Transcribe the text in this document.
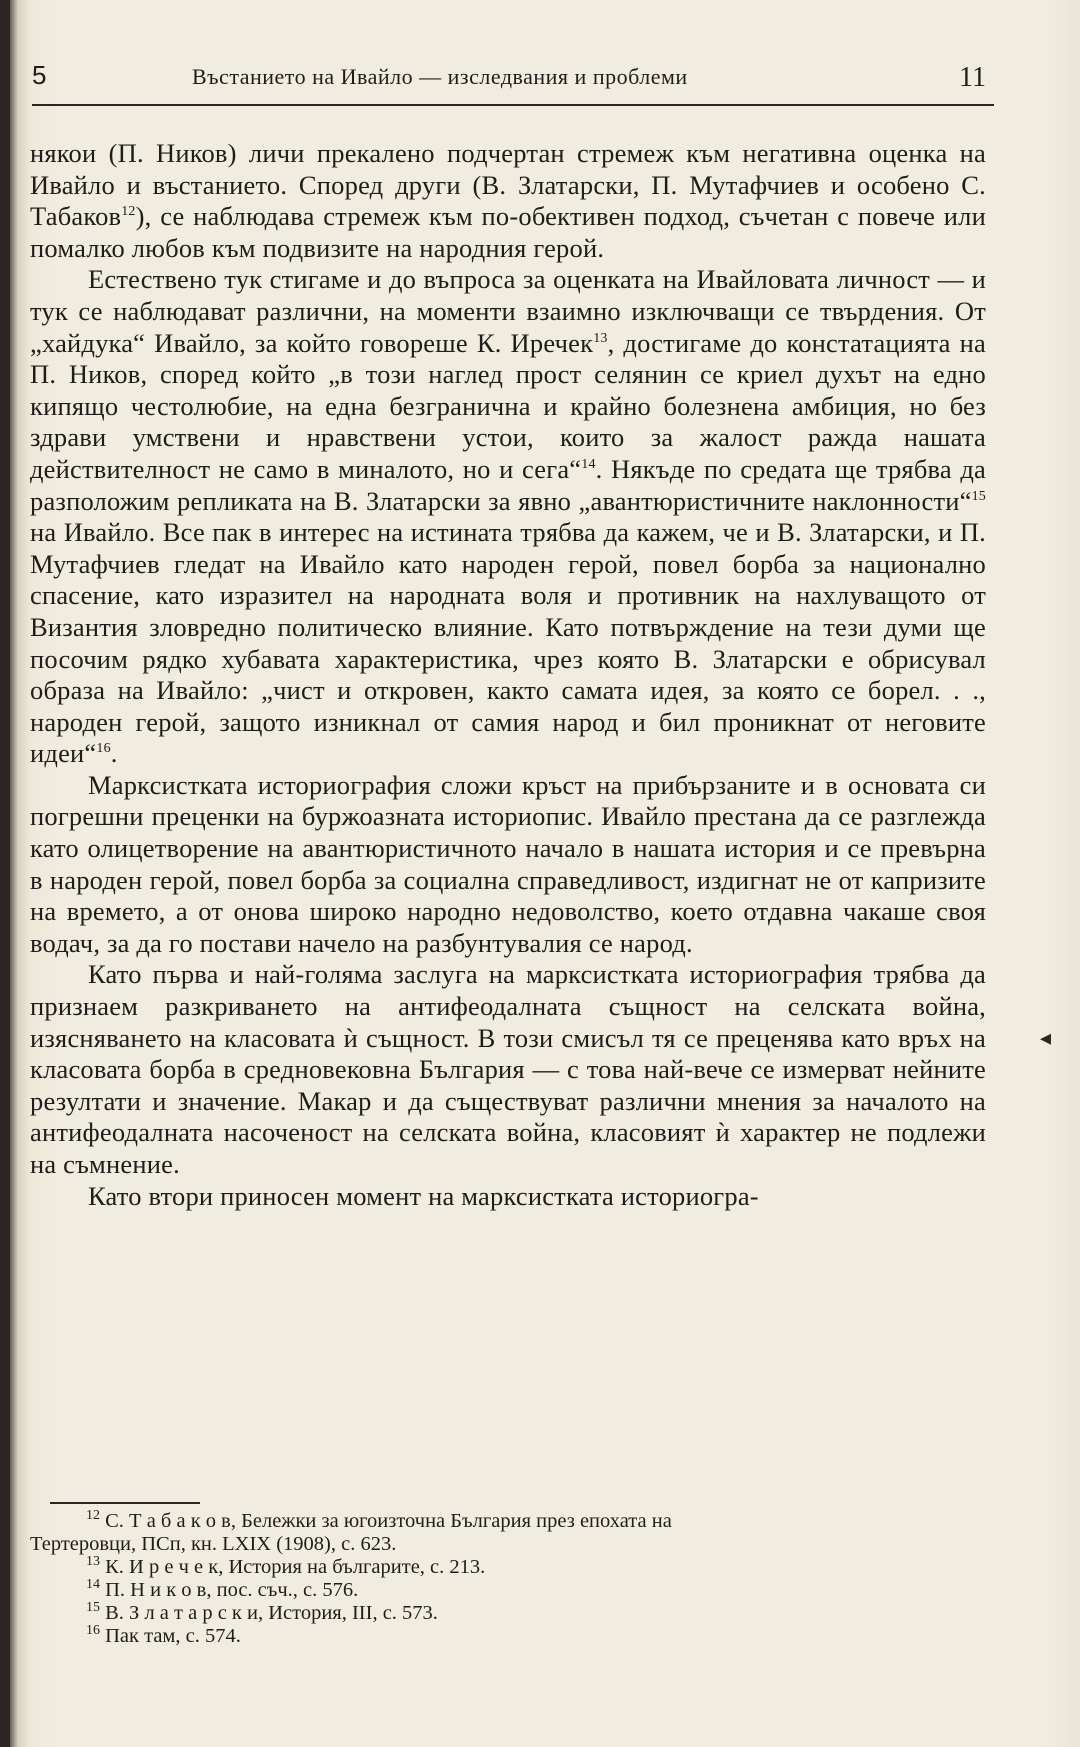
5	Въстанието на Ивайло — изследвания и проблеми	11

някои (П. Ников) личи прекалено подчертан стремеж към негативна оценка на Ивайло и въстанието. Според други (В. Златарски, П. Мутафчиев и особено С. Табаков$^{12}$), се наблюдава стремеж към по-обективен подход, съчетан с повече или помалко любов към подвизите на народния герой.

Естествено тук стигаме и до въпроса за оценката на Ивайловата личност — и тук се наблюдават различни, на моменти взаимно изключващи се твърдения. От „хайдука“ Ивайло, за който говореше К. Иречек$^{13}$, достигаме до констатацията на П. Ников, според който „в този наглед прост селянин се криел духът на едно кипящо честолюбие, на една безгранична и крайно болезнена амбиция, но без здрави умствени и нравствени устои, които за жалост ражда нашата действителност не само в миналото, но и сега“$^{14}$. Някъде по средата ще трябва да разположим репликата на В. Златарски за явно „авантюристичните наклонности“$^{15}$ на Ивайло. Все пак в интерес на истината трябва да кажем, че и В. Златарски, и П. Мутафчиев гледат на Ивайло като народен герой, повел борба за национално спасение, като изразител на народната воля и противник на нахлуващото от Византия зловредно политическо влияние. Като потвърждение на тези думи ще посочим рядко хубавата характеристика, чрез която В. Златарски е обрисувал образа на Ивайло: „чист и откровен, както самата идея, за която се борел. . ., народен герой, защото изникнал от самия народ и бил проникнат от неговите идеи“$^{16}$.

Марксистката историография сложи кръст на прибързаните и в основата си погрешни преценки на буржоазната историопис. Ивайло престана да се разглежда като олицетворение на авантюристичното начало в нашата история и се превърна в народен герой, повел борба за социална справедливост, издигнат не от капризите на времето, а от онова широко народно недоволство, което отдавна чакаше своя водач, за да го постави начело на разбунтувалия се народ.

Като първа и най-голяма заслуга на марксистката историография трябва да признаем разкриването на антифеодалната същност на селската война, изясняването на класовата ѝ същност. В този смисъл тя се преценява като връх на класовата борба в средновековна България — с това най-вече се измерват нейните резултати и значение. Макар и да съществуват различни мнения за началото на антифеодалната насоченост на селската война, класовият ѝ характер не подлежи на съмнение.

Като втори приносен момент на марксистката историогра-

◂

$^{12}$ С. Т а б а к о в, Бележки за югоизточна България през епохата на
Тертеровци, ПСп, кн. LXIX (1908), с. 623.

$^{13}$ К. И р е ч е к, История на българите, с. 213.

$^{14}$ П. Н и к о в, пос. съч., с. 576.

$^{15}$ В. З л а т а р с к и, История, III, с. 573.

$^{16}$ Пак там, с. 574.
